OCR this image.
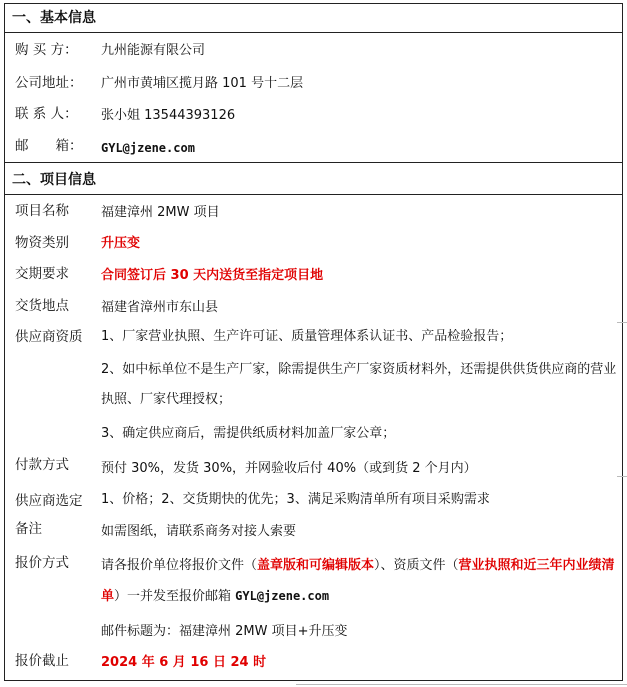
一、基本信息
购 买 方： 九州能源有限公司
公司地址： 广州市黄埔区揽月路 101 号十二层
联 系 人： 张小姐 13544393126
邮　　箱： GYL@jzene.com
二、项目信息
项目名称 福建漳州 2MW 项目
物资类别 升压变
交期要求 合同签订后 30 天内送货至指定项目地
交货地点 福建省漳州市东山县
供应商资质 1、厂家营业执照、生产许可证、质量管理体系认证书、产品检验报告；
2、如中标单位不是生产厂家，除需提供生产厂家资质材料外，还需提供供货供应商的营业执照、厂家代理授权；
3、确定供应商后，需提供纸质材料加盖厂家公章；
付款方式 预付 30%，发货 30%，并网验收后付 40%（或到货 2 个月内）
供应商选定 1、价格；2、交货期快的优先；3、满足采购清单所有项目采购需求
备注	如需图纸，请联系商务对接人索要
报价方式 请各报价单位将报价文件（盖章版和可编辑版本）、资质文件（营业执照和近三年内业绩清单）一并发至报价邮箱 GYL@jzene.com
邮件标题为：福建漳州 2MW 项目+升压变
报价截止 2024 年 6 月 16 日 24 时
